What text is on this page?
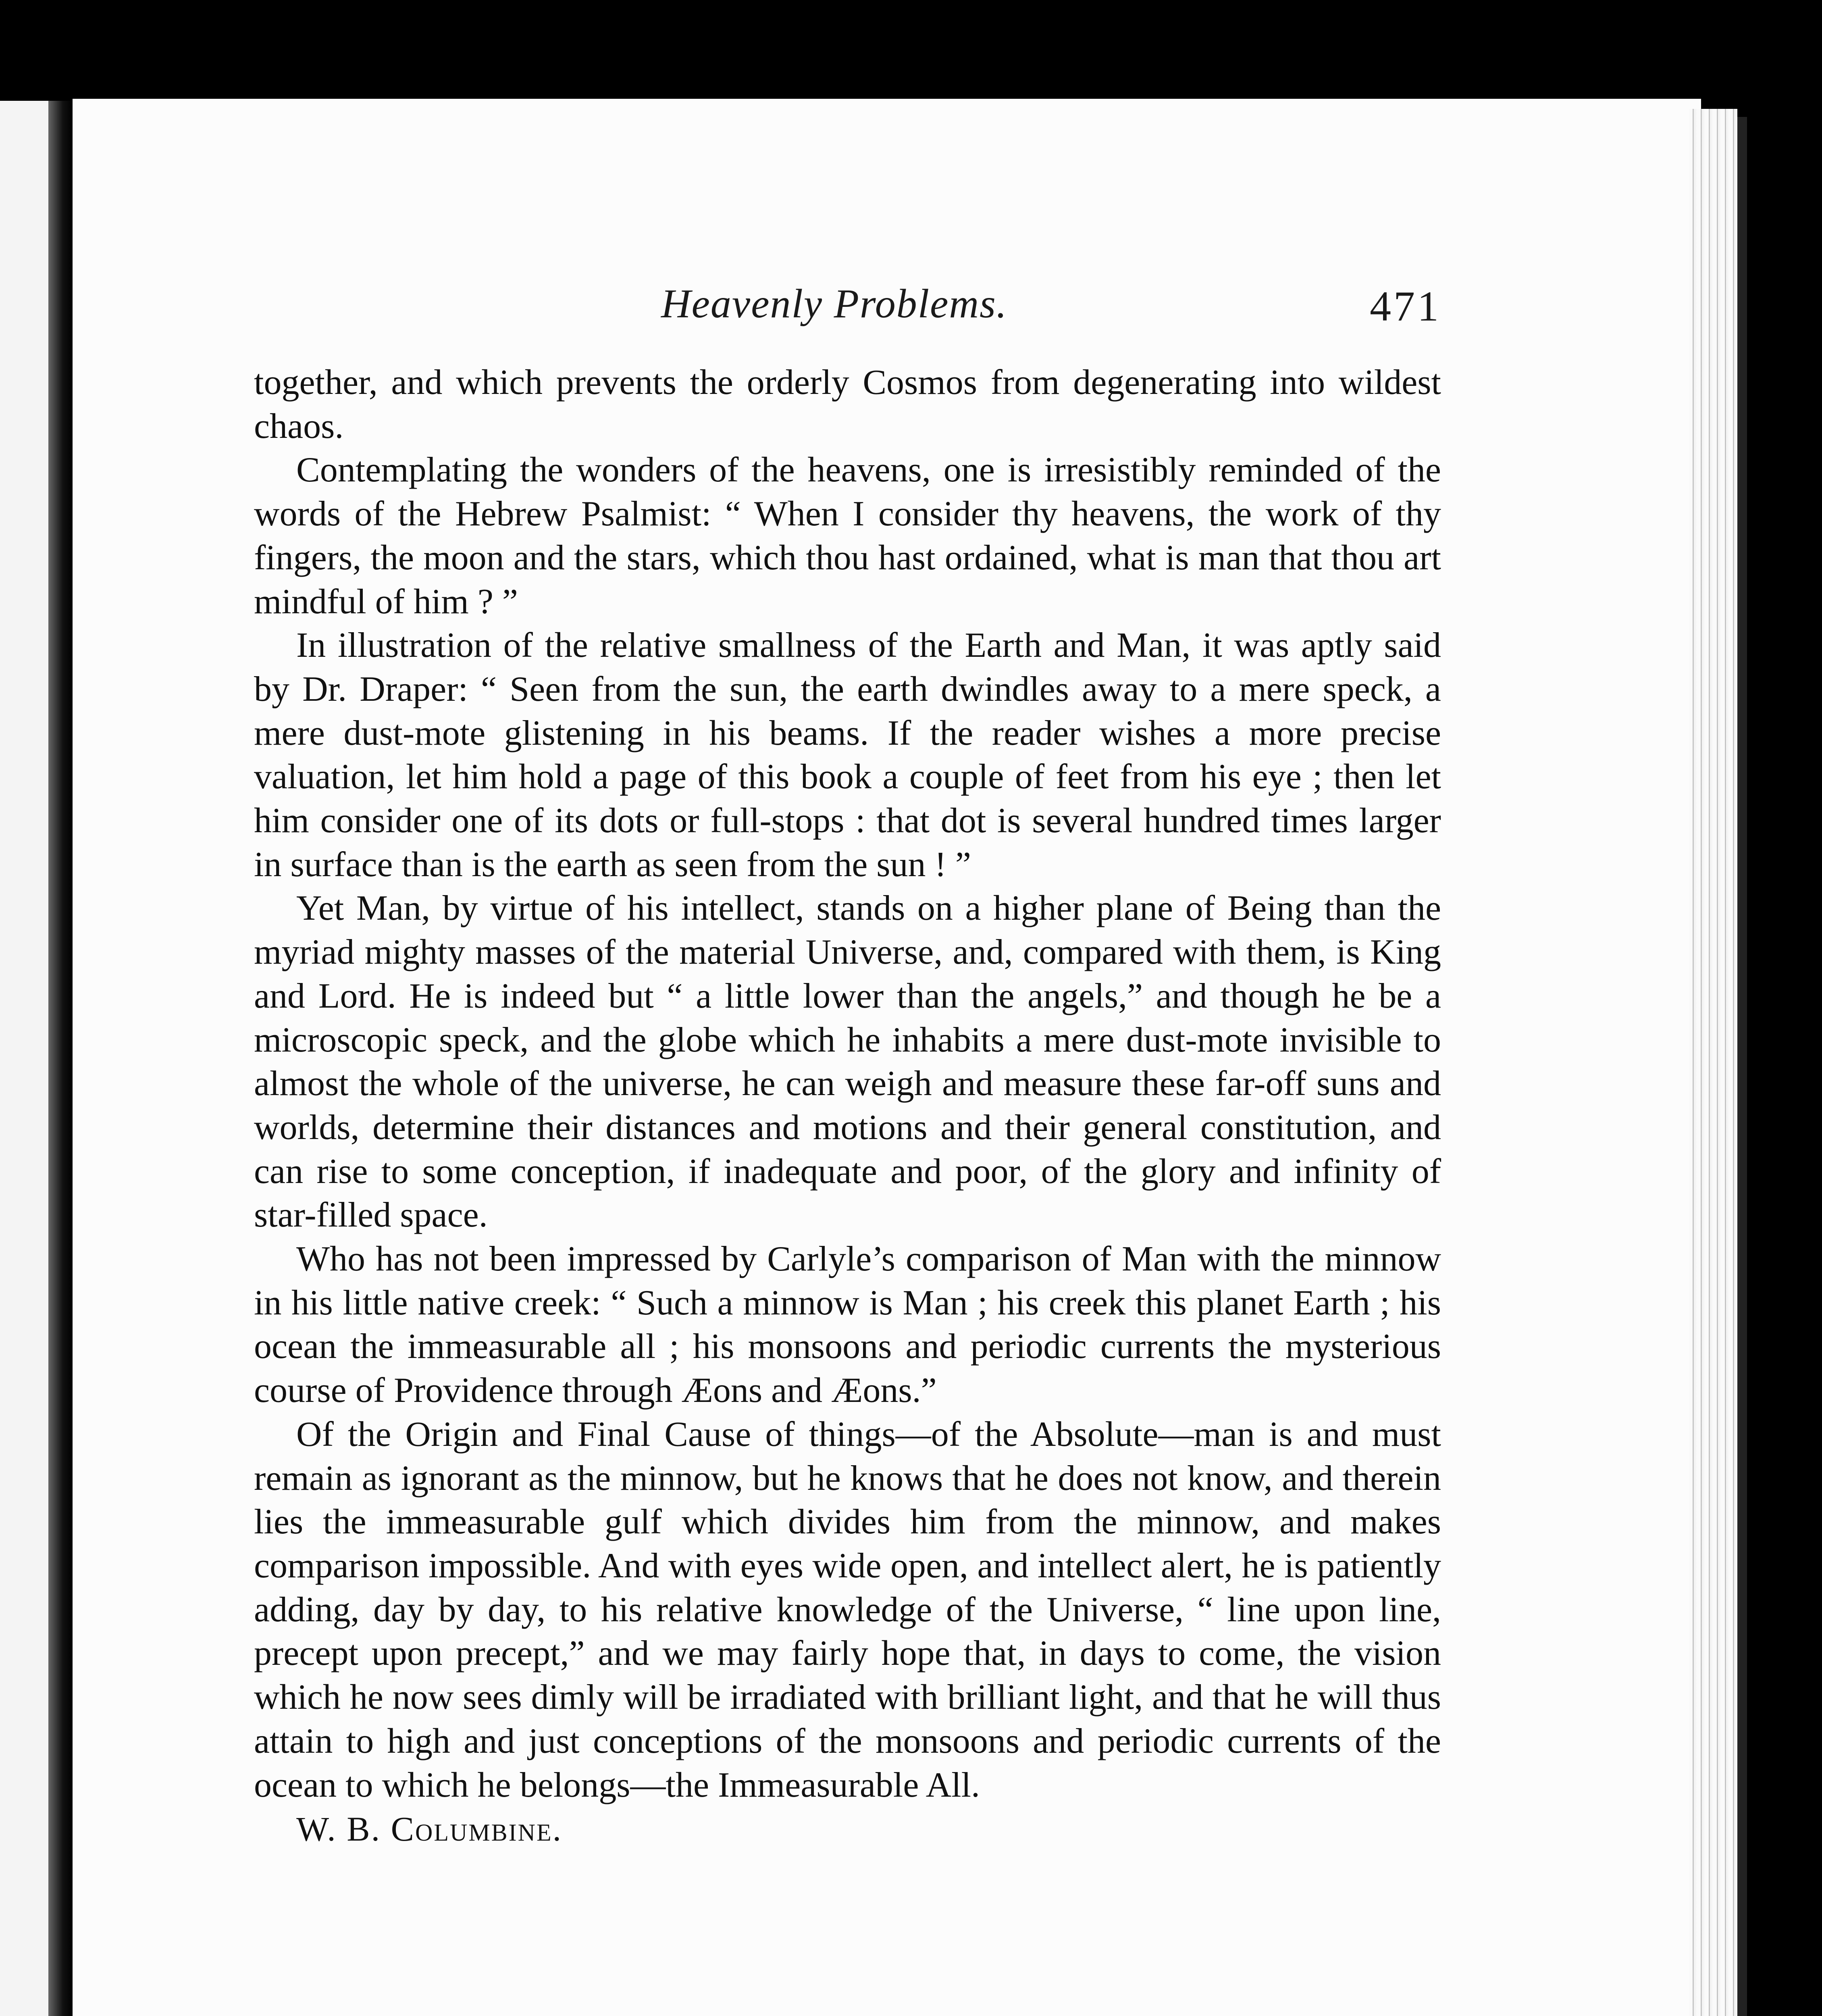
Heavenly Problems.	471

together, and which prevents the orderly Cosmos from degenerating into wildest chaos.

Contemplating the wonders of the heavens, one is irresistibly reminded of the words of the Hebrew Psalmist: “ When I consider thy heavens, the work of thy fingers, the moon and the stars, which thou hast ordained, what is man that thou art mindful of him ? ”

In illustration of the relative smallness of the Earth and Man, it was aptly said by Dr. Draper: “ Seen from the sun, the earth dwindles away to a mere speck, a mere dust-mote glistening in his beams. If the reader wishes a more precise valuation, let him hold a page of this book a couple of feet from his eye ; then let him consider one of its dots or full-stops : that dot is several hundred times larger in surface than is the earth as seen from the sun ! ”

Yet Man, by virtue of his intellect, stands on a higher plane of Being than the myriad mighty masses of the material Universe, and, compared with them, is King and Lord. He is indeed but “ a little lower than the angels,” and though he be a microscopic speck, and the globe which he inhabits a mere dust-mote invisible to almost the whole of the universe, he can weigh and measure these far-off suns and worlds, determine their distances and motions and their general constitution, and can rise to some conception, if inadequate and poor, of the glory and infinity of star-filled space.

Who has not been impressed by Carlyle’s comparison of Man with the minnow in his little native creek: “ Such a minnow is Man ; his creek this planet Earth ; his ocean the immeasurable all ; his monsoons and periodic currents the mysterious course of Providence through Æons and Æons.”

Of the Origin and Final Cause of things—of the Absolute—man is and must remain as ignorant as the minnow, but he knows that he does not know, and therein lies the immeasurable gulf which divides him from the minnow, and makes comparison impossible. And with eyes wide open, and intellect alert, he is patiently adding, day by day, to his relative knowledge of the Universe, “ line upon line, precept upon precept,” and we may fairly hope that, in days to come, the vision which he now sees dimly will be irradiated with brilliant light, and that he will thus attain to high and just conceptions of the monsoons and periodic currents of the ocean to which he belongs—the Immeasurable All.

W. B. Columbine.
